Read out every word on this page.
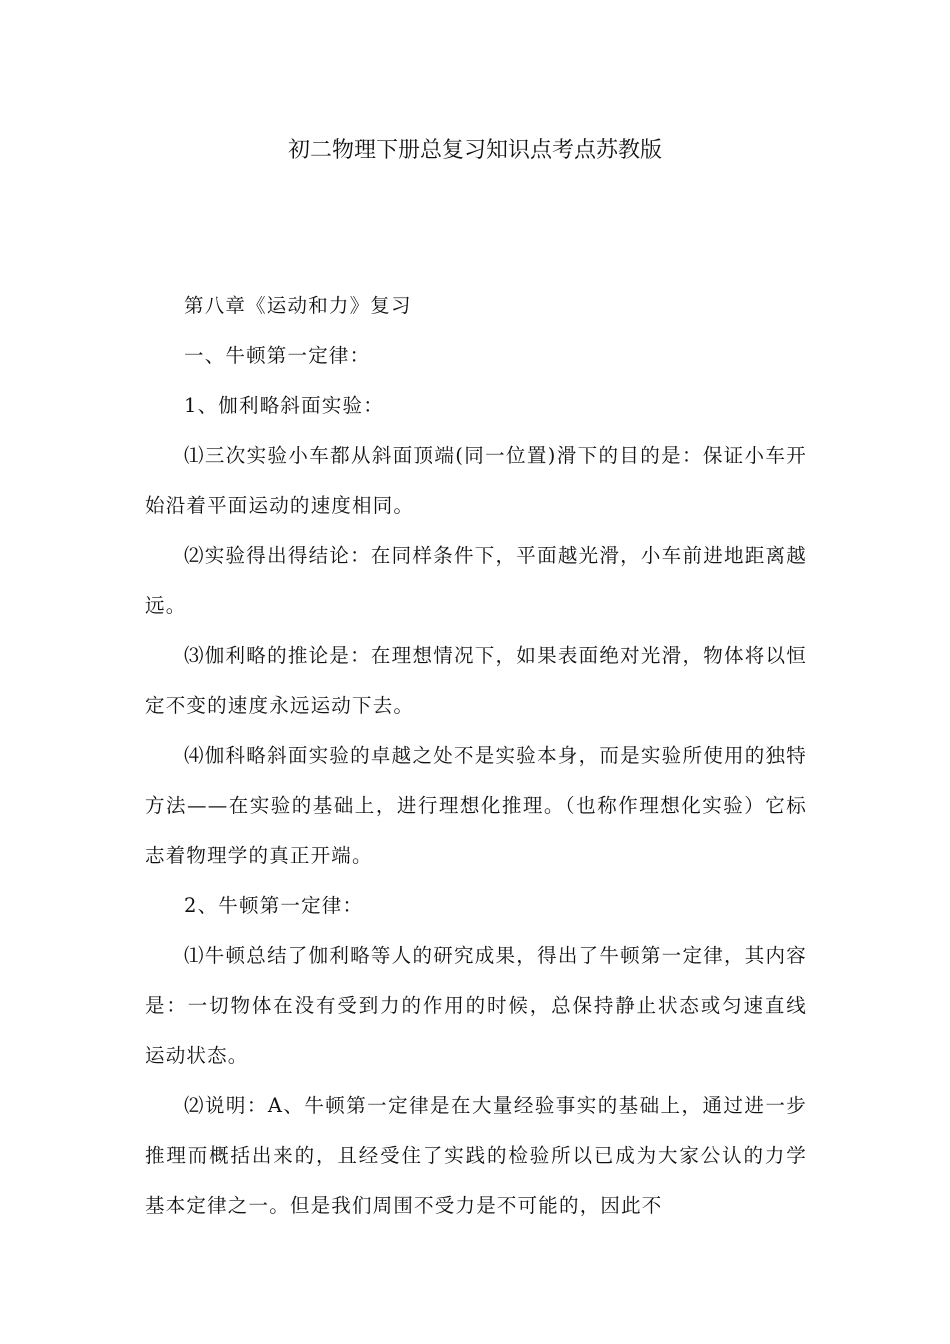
初二物理下册总复习知识点考点苏教版

第八章《运动和力》复习

一、牛顿第一定律：

1、伽利略斜面实验：

⑴三次实验小车都从斜面顶端(同一位置)滑下的目的是：保证小车开始沿着平面运动的速度相同。

⑵实验得出得结论：在同样条件下，平面越光滑，小车前进地距离越远。

⑶伽利略的推论是：在理想情况下，如果表面绝对光滑，物体将以恒定不变的速度永远运动下去。

⑷伽科略斜面实验的卓越之处不是实验本身，而是实验所使用的独特方法——在实验的基础上，进行理想化推理。（也称作理想化实验）它标志着物理学的真正开端。

2、牛顿第一定律：

⑴牛顿总结了伽利略等人的研究成果，得出了牛顿第一定律，其内容是：一切物体在没有受到力的作用的时候，总保持静止状态或匀速直线运动状态。

⑵说明：A、牛顿第一定律是在大量经验事实的基础上，通过进一步推理而概括出来的，且经受住了实践的检验所以已成为大家公认的力学基本定律之一。但是我们周围不受力是不可能的，因此不
